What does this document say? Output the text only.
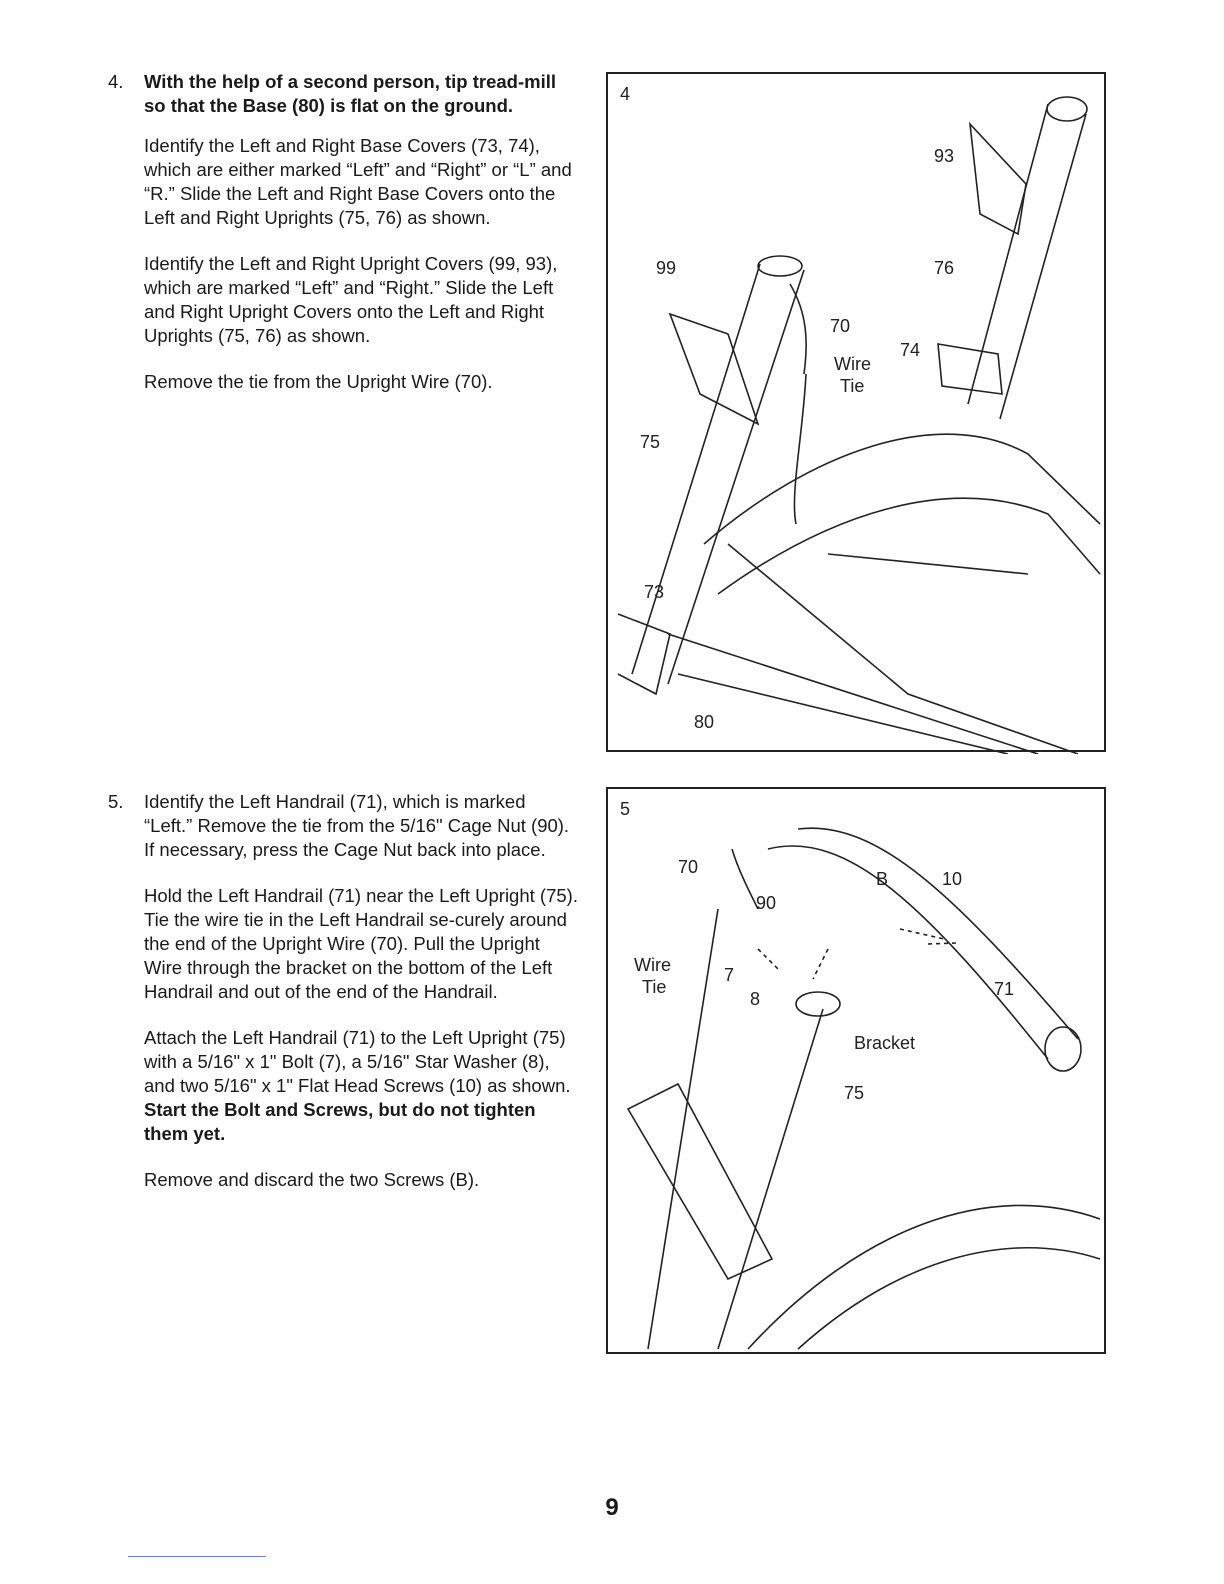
4. With the help of a second person, tip tread-mill so that the Base (80) is flat on the ground.

Identify the Left and Right Base Covers (73, 74), which are either marked “Left” and “Right” or “L” and “R.” Slide the Left and Right Base Covers onto the Left and Right Uprights (75, 76) as shown.

Identify the Left and Right Upright Covers (99, 93), which are marked “Left” and “Right.” Slide the Left and Right Upright Covers onto the Left and Right Uprights (75, 76) as shown.

Remove the tie from the Upright Wire (70).

5. Identify the Left Handrail (71), which is marked “Left.” Remove the tie from the 5/16" Cage Nut (90). If necessary, press the Cage Nut back into place.

Hold the Left Handrail (71) near the Left Upright (75). Tie the wire tie in the Left Handrail se-curely around the end of the Upright Wire (70). Pull the Upright Wire through the bracket on the bottom of the Left Handrail and out of the end of the Handrail.

Attach the Left Handrail (71) to the Left Upright (75) with a 5/16" x 1" Bolt (7), a 5/16" Star Washer (8), and two 5/16" x 1" Flat Head Screws (10) as shown. Start the Bolt and Screws, but do not tighten them yet.

Remove and discard the two Screws (B).

4
93
99	76
70
74
Wire
Tie
75
73
80
5
70
90
B	10
Wire
Tie
7
8	71
Bracket
75
9
